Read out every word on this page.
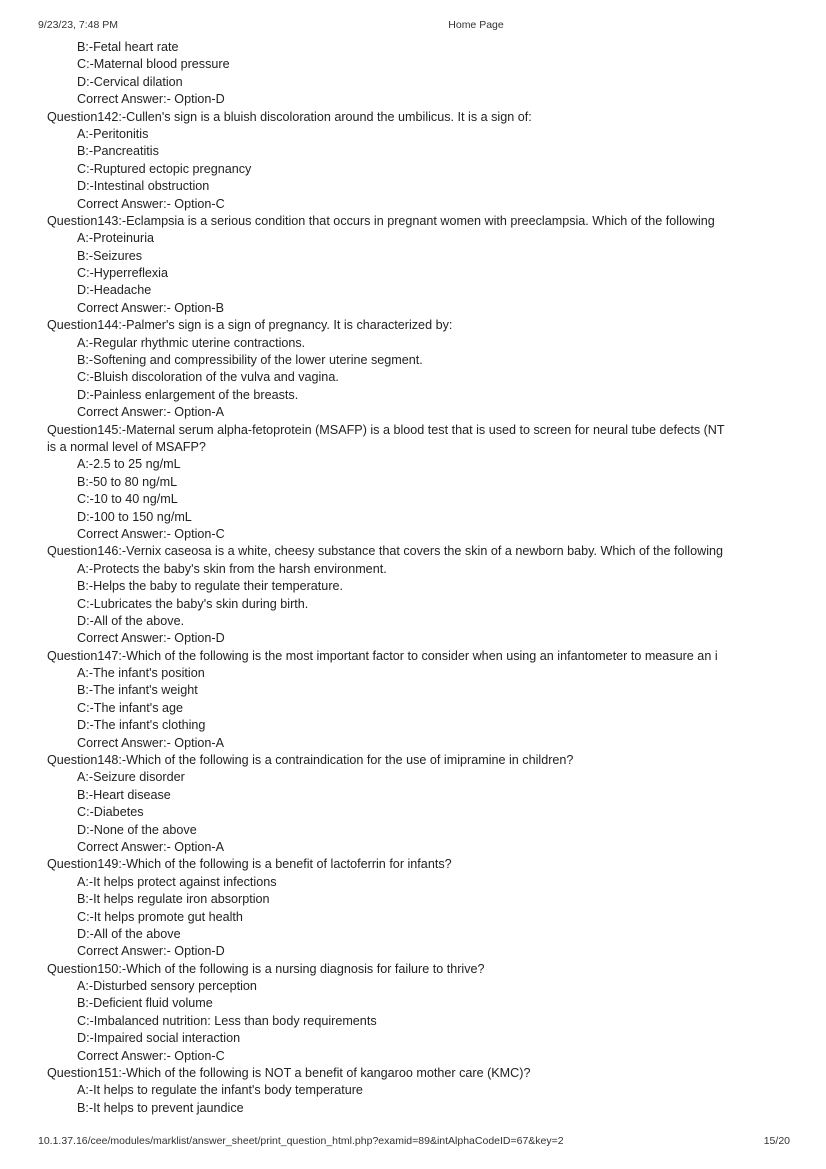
9/23/23, 7:48 PM	Home Page
B:-Fetal heart rate
C:-Maternal blood pressure
D:-Cervical dilation
Correct Answer:- Option-D
Question142:-Cullen's sign is a bluish discoloration around the umbilicus. It is a sign of:
A:-Peritonitis
B:-Pancreatitis
C:-Ruptured ectopic pregnancy
D:-Intestinal obstruction
Correct Answer:- Option-C
Question143:-Eclampsia is a serious condition that occurs in pregnant women with preeclampsia. Which of the following
A:-Proteinuria
B:-Seizures
C:-Hyperreflexia
D:-Headache
Correct Answer:- Option-B
Question144:-Palmer's sign is a sign of pregnancy. It is characterized by:
A:-Regular rhythmic uterine contractions.
B:-Softening and compressibility of the lower uterine segment.
C:-Bluish discoloration of the vulva and vagina.
D:-Painless enlargement of the breasts.
Correct Answer:- Option-A
Question145:-Maternal serum alpha-fetoprotein (MSAFP) is a blood test that is used to screen for neural tube defects (NT
is a normal level of MSAFP?
A:-2.5 to 25 ng/mL
B:-50 to 80 ng/mL
C:-10 to 40 ng/mL
D:-100 to 150 ng/mL
Correct Answer:- Option-C
Question146:-Vernix caseosa is a white, cheesy substance that covers the skin of a newborn baby. Which of the following
A:-Protects the baby's skin from the harsh environment.
B:-Helps the baby to regulate their temperature.
C:-Lubricates the baby's skin during birth.
D:-All of the above.
Correct Answer:- Option-D
Question147:-Which of the following is the most important factor to consider when using an infantometer to measure an i
A:-The infant's position
B:-The infant's weight
C:-The infant's age
D:-The infant's clothing
Correct Answer:- Option-A
Question148:-Which of the following is a contraindication for the use of imipramine in children?
A:-Seizure disorder
B:-Heart disease
C:-Diabetes
D:-None of the above
Correct Answer:- Option-A
Question149:-Which of the following is a benefit of lactoferrin for infants?
A:-It helps protect against infections
B:-It helps regulate iron absorption
C:-It helps promote gut health
D:-All of the above
Correct Answer:- Option-D
Question150:-Which of the following is a nursing diagnosis for failure to thrive?
A:-Disturbed sensory perception
B:-Deficient fluid volume
C:-Imbalanced nutrition: Less than body requirements
D:-Impaired social interaction
Correct Answer:- Option-C
Question151:-Which of the following is NOT a benefit of kangaroo mother care (KMC)?
A:-It helps to regulate the infant's body temperature
B:-It helps to prevent jaundice
10.1.37.16/cee/modules/marklist/answer_sheet/print_question_html.php?examid=89&intAlphaCodeID=67&key=2	15/20
